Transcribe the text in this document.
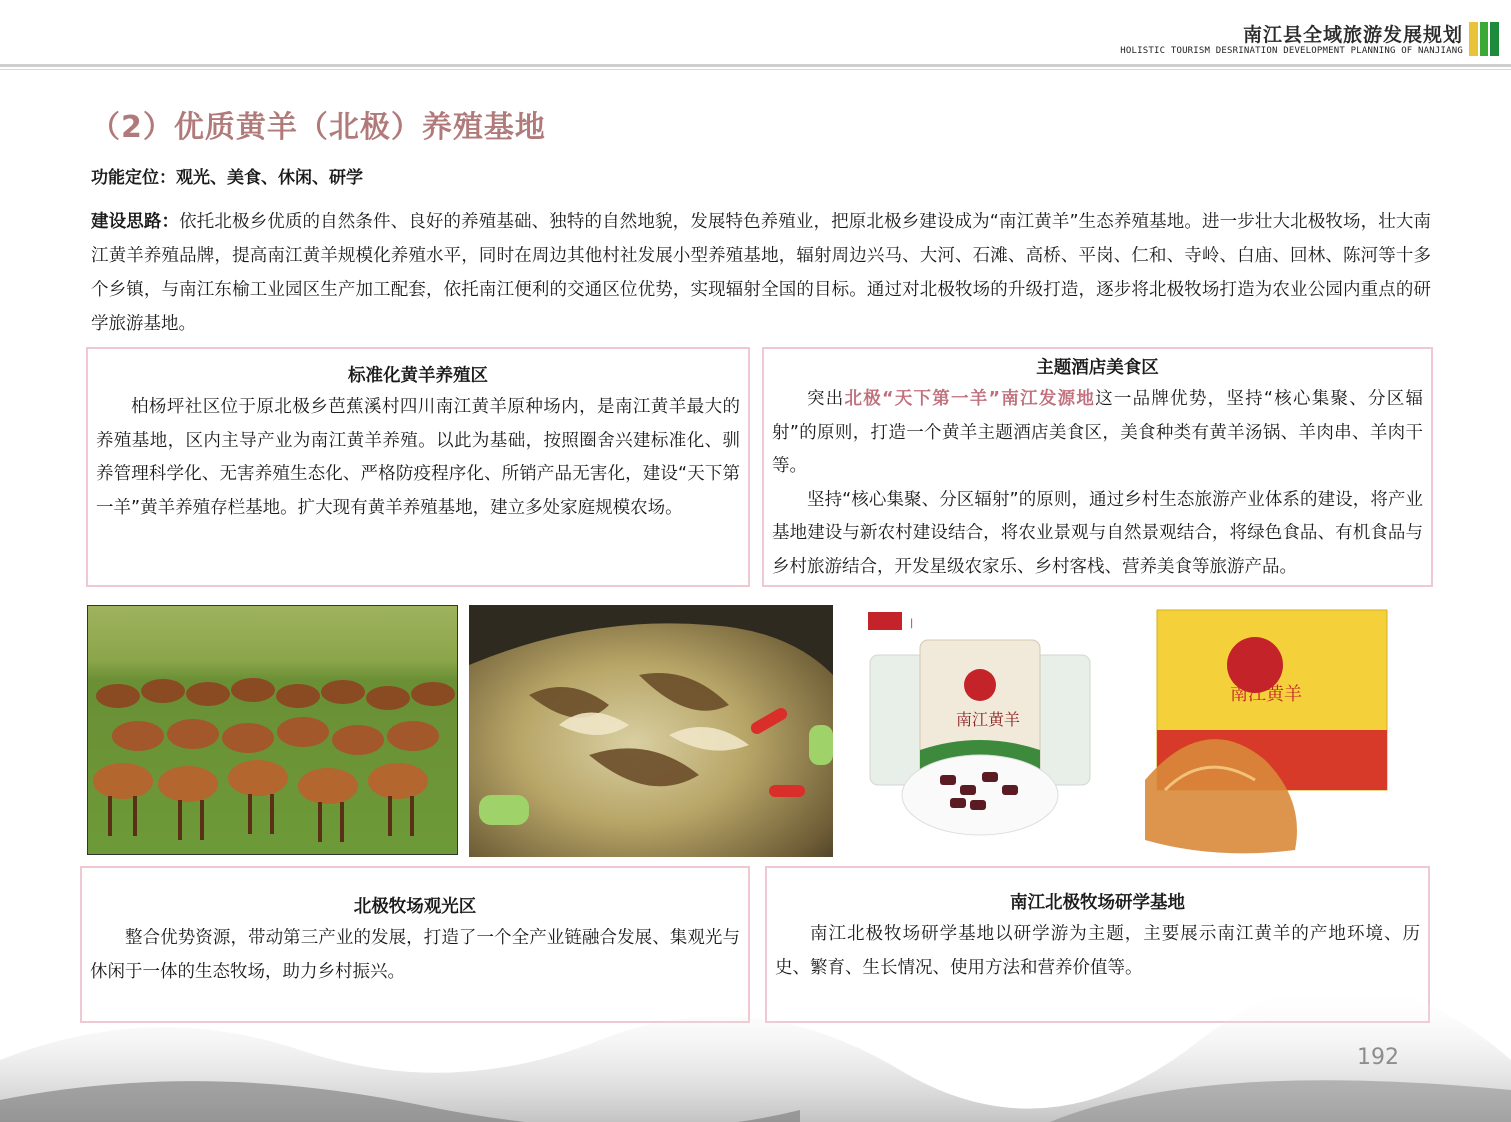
南江县全域旅游发展规划
HOLISTIC TOURISM DESRINATION DEVELOPMENT PLANNING OF NANJIANG
（2）优质黄羊（北极）养殖基地
功能定位：观光、美食、休闲、研学
建设思路：依托北极乡优质的自然条件、良好的养殖基础、独特的自然地貌，发展特色养殖业，把原北极乡建设成为“南江黄羊”生态养殖基地。进一步壮大北极牧场，壮大南江黄羊养殖品牌，提高南江黄羊规模化养殖水平，同时在周边其他村社发展小型养殖基地，辐射周边兴马、大河、石滩、高桥、平岗、仁和、寺岭、白庙、回林、陈河等十多个乡镇，与南江东榆工业园区生产加工配套，依托南江便利的交通区位优势，实现辐射全国的目标。通过对北极牧场的升级打造，逐步将北极牧场打造为农业公园内重点的研学旅游基地。
标准化黄羊养殖区

柏杨坪社区位于原北极乡芭蕉溪村四川南江黄羊原种场内，是南江黄羊最大的养殖基地，区内主导产业为南江黄羊养殖。以此为基础，按照圈舍兴建标准化、驯养管理科学化、无害养殖生态化、严格防疫程序化、所销产品无害化，建设“天下第一羊”黄羊养殖存栏基地。扩大现有黄羊养殖基地，建立多处家庭规模农场。

主题酒店美食区

突出北极“天下第一羊”南江发源地这一品牌优势，坚持“核心集聚、分区辐射”的原则，打造一个黄羊主题酒店美食区，美食种类有黄羊汤锅、羊肉串、羊肉干等。

坚持“核心集聚、分区辐射”的原则，通过乡村生态旅游产业体系的建设，将产业基地建设与新农村建设结合，将农业景观与自然景观结合，将绿色食品、有机食品与乡村旅游结合，开发星级农家乐、乡村客栈、营养美食等旅游产品。

|
南江黄羊
南江黄羊
北极牧场观光区

整合优势资源，带动第三产业的发展，打造了一个全产业链融合发展、集观光与休闲于一体的生态牧场，助力乡村振兴。

南江北极牧场研学基地

南江北极牧场研学基地以研学游为主题，主要展示南江黄羊的产地环境、历史、繁育、生长情况、使用方法和营养价值等。

192
